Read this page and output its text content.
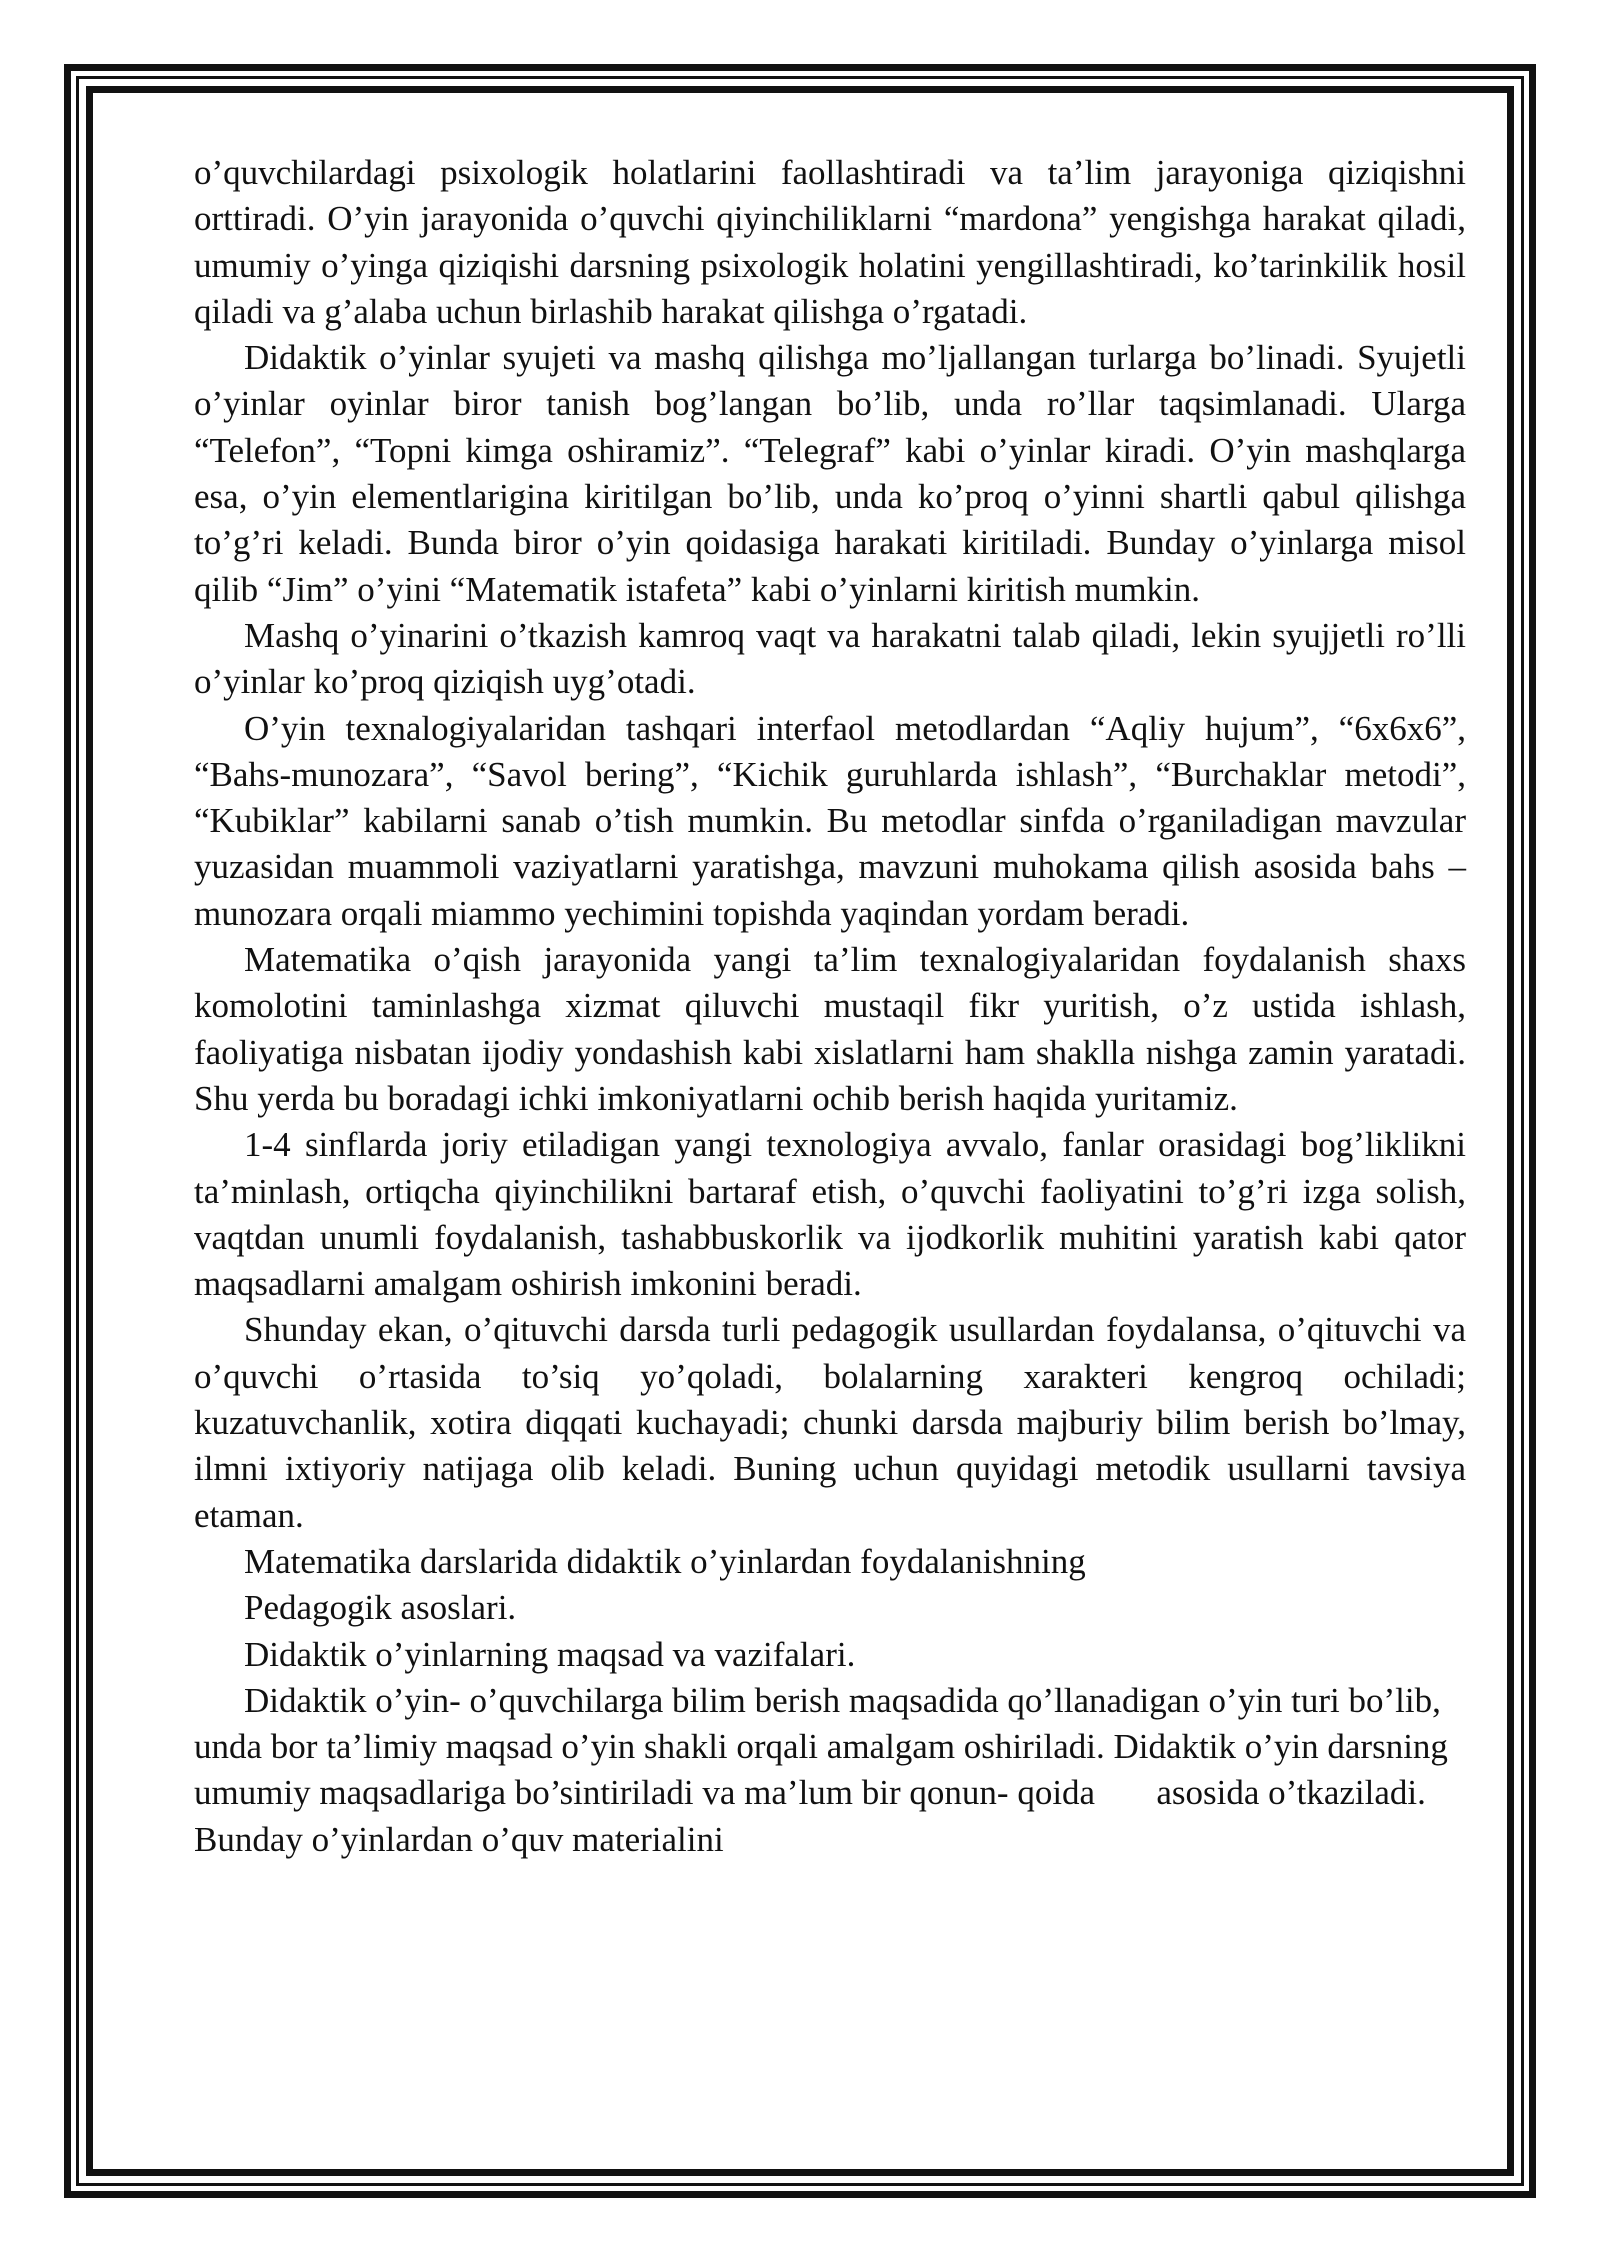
o’quvchilardagi psixologik holatlarini faollashtiradi va ta’lim jarayoniga qiziqishni orttiradi. O’yin jarayonida o’quvchi qiyinchiliklarni “mardona” yengishga harakat qiladi, umumiy o’yinga qiziqishi darsning psixologik holatini yengillashtiradi, ko’tarinkilik hosil qiladi va g’alaba uchun birlashib harakat qilishga o’rgatadi.

Didaktik o’yinlar syujeti va mashq qilishga mo’ljallangan turlarga bo’linadi. Syujetli o’yinlar oyinlar biror tanish bog’langan bo’lib, unda ro’llar taqsimlanadi. Ularga “Telefon”, “Topni kimga oshiramiz”. “Telegraf” kabi o’yinlar kiradi. O’yin mashqlarga esa, o’yin elementlarigina kiritilgan bo’lib, unda ko’proq o’yinni shartli qabul qilishga to’g’ri keladi. Bunda biror o’yin qoidasiga harakati kiritiladi. Bunday o’yinlarga misol qilib “Jim” o’yini “Matematik istafeta” kabi o’yinlarni kiritish mumkin.

Mashq o’yinarini o’tkazish kamroq vaqt va harakatni talab qiladi, lekin syujjetli ro’lli o’yinlar ko’proq qiziqish uyg’otadi.

O’yin texnalogiyalaridan tashqari interfaol metodlardan “Aqliy hujum”, “6x6x6”, “Bahs-munozara”, “Savol bering”, “Kichik guruhlarda ishlash”, “Burchaklar metodi”, “Kubiklar” kabilarni sanab o’tish mumkin. Bu metodlar sinfda o’rganiladigan mavzular yuzasidan muammoli vaziyatlarni yaratishga, mavzuni muhokama qilish asosida bahs – munozara orqali miammo yechimini topishda yaqindan yordam beradi.

Matematika o’qish jarayonida yangi ta’lim texnalogiyalaridan foydalanish shaxs komolotini taminlashga xizmat qiluvchi mustaqil fikr yuritish, o’z ustida ishlash, faoliyatiga nisbatan ijodiy yondashish kabi xislatlarni ham shaklla nishga zamin yaratadi. Shu yerda bu boradagi ichki imkoniyatlarni ochib berish haqida yuritamiz.

1-4 sinflarda joriy etiladigan yangi texnologiya avvalo, fanlar orasidagi bog’liklikni ta’minlash, ortiqcha qiyinchilikni bartaraf etish, o’quvchi faoliyatini to’g’ri izga solish, vaqtdan unumli foydalanish, tashabbuskorlik va ijodkorlik muhitini yaratish kabi qator maqsadlarni amalgam oshirish imkonini beradi.

Shunday ekan, o’qituvchi darsda turli pedagogik usullardan foydalansa, o’qituvchi va o’quvchi o’rtasida to’siq yo’qoladi, bolalarning xarakteri kengroq ochiladi; kuzatuvchanlik, xotira diqqati kuchayadi; chunki darsda majburiy bilim berish bo’lmay, ilmni ixtiyoriy natijaga olib keladi. Buning uchun quyidagi metodik usullarni tavsiya etaman.

Matematika darslarida didaktik o’yinlardan foydalanishning

Pedagogik asoslari.

Didaktik o’yinlarning maqsad va vazifalari.

Didaktik o’yin- o’quvchilarga bilim berish maqsadida qo’llanadigan o’yin turi bo’lib, unda bor ta’limiy maqsad o’yin shakli orqali amalgam oshiriladi. Didaktik o’yin darsning umumiy maqsadlariga bo’sintiriladi va ma’lum bir qonun- qoida       asosida o’tkaziladi. Bunday o’yinlardan o’quv materialini
